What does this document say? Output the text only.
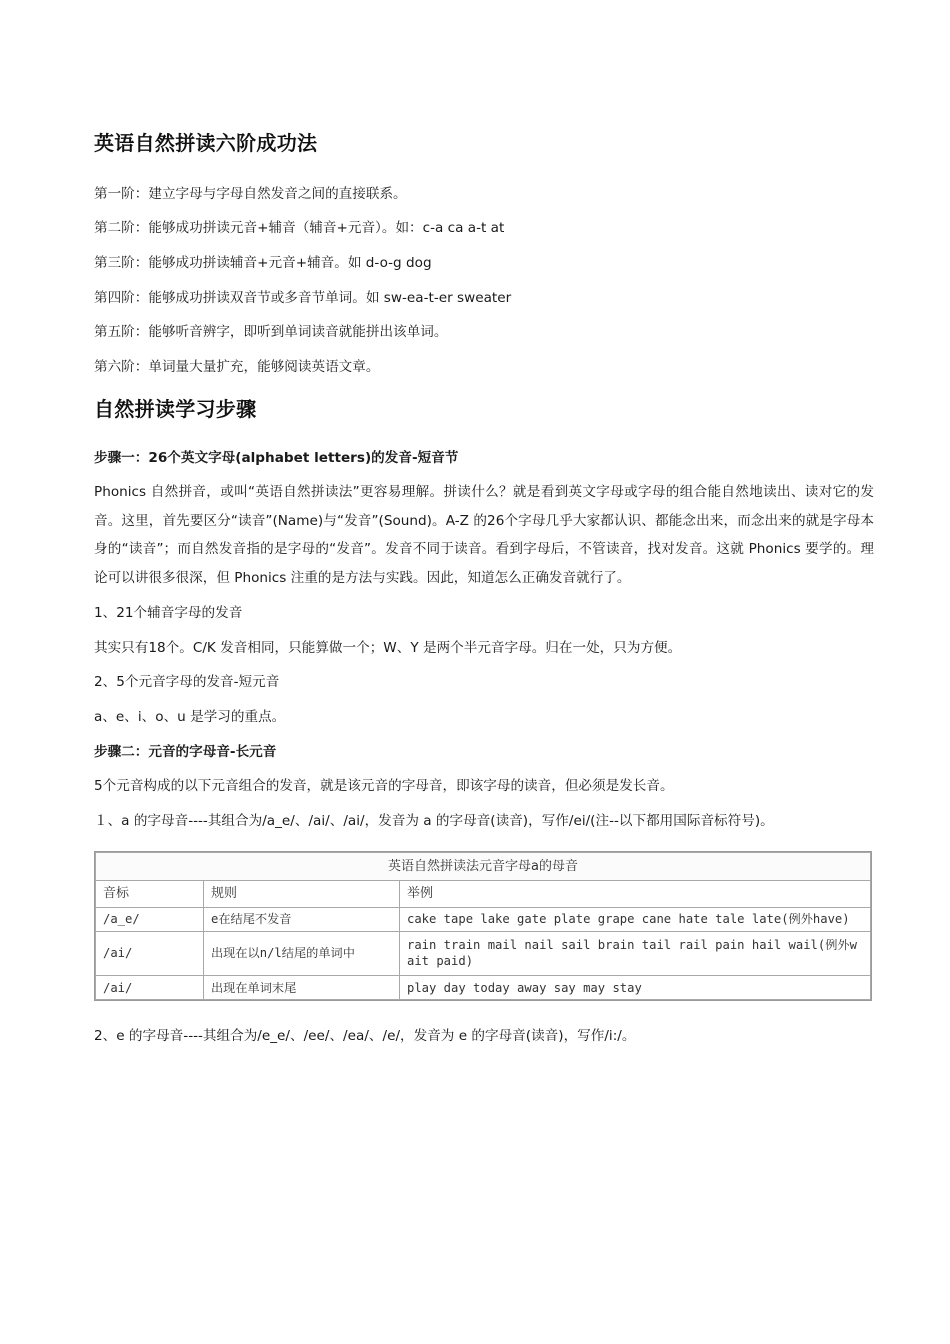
英语自然拼读六阶成功法

第一阶：建立字母与字母自然发音之间的直接联系。

第二阶：能够成功拼读元音+辅音（辅音+元音）。如：c-a ca a-t at

第三阶：能够成功拼读辅音+元音+辅音。如 d-o-g dog

第四阶：能够成功拼读双音节或多音节单词。如 sw-ea-t-er sweater

第五阶：能够听音辨字，即听到单词读音就能拼出该单词。

第六阶：单词量大量扩充，能够阅读英语文章。

自然拼读学习步骤

步骤一：26个英文字母(alphabet letters)的发音-短音节

Phonics 自然拼音，或叫“英语自然拼读法”更容易理解。拼读什么？就是看到英文字母或字母的组合能自然地读出、读对它的发音。这里，首先要区分“读音”(Name)与“发音”(Sound)。A-Z 的26个字母几乎大家都认识、都能念出来，而念出来的就是字母本身的“读音”；而自然发音指的是字母的“发音”。发音不同于读音。看到字母后，不管读音，找对发音。这就 Phonics 要学的。理论可以讲很多很深，但 Phonics 注重的是方法与实践。因此，知道怎么正确发音就行了。

1、21个辅音字母的发音

其实只有18个。C/K 发音相同，只能算做一个；W、Y 是两个半元音字母。归在一处，只为方便。

2、5个元音字母的发音-短元音

a、e、i、o、u 是学习的重点。

步骤二：元音的字母音-长元音

5个元音构成的以下元音组合的发音，就是该元音的字母音，即该字母的读音，但必须是发长音。

１、a 的字母音----其组合为/a_e/、/ai/、/ai/，发音为 a 的字母音(读音)，写作/ei/(注--以下都用国际音标符号)。

英语自然拼读法元音字母a的母音		
音标	规则	举例
/a_e/	e在结尾不发音	cake tape lake gate plate grape cane hate tale late(例外have)
/ai/	出现在以n/l结尾的单词中	rain train mail nail sail brain tail rail pain hail wail(例外wait paid)
/ai/	出现在单词末尾	play day today away say may stay

2、e 的字母音----其组合为/e_e/、/ee/、/ea/、/e/，发音为 e 的字母音(读音)，写作/i:/。
